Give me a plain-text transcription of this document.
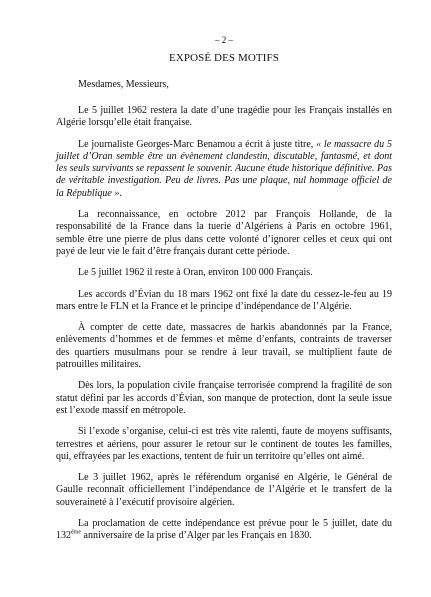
– 2 –
EXPOSÉ DES MOTIFS
Mesdames, Messieurs,

Le 5 juillet 1962 restera la date d’une tragédie pour les Français installés en Algérie lorsqu’elle était française.

Le journaliste Georges-Marc Benamou a écrit à juste titre, « le massacre du 5 juillet d’Oran semble être un évènement clandestin, discutable, fantasmé, et dont les seuls survivants se repassent le souvenir. Aucune étude historique définitive. Pas de véritable investigation. Peu de livres. Pas une plaque, nul hommage officiel de la République ».

La reconnaissance, en octobre 2012 par François Hollande, de la responsabilité de la France dans la tuerie d’Algériens à Paris en octobre 1961, semble être une pierre de plus dans cette volonté d’ignorer celles et ceux qui ont payé de leur vie le fait d’être français durant cette période.

Le 5 juillet 1962 il reste à Oran, environ 100 000 Français.

Les accords d’Évian du 18 mars 1962 ont fixé la date du cessez-le-feu au 19 mars entre le FLN et la France et le principe d’indépendance de l’Algérie.

À compter de cette date, massacres de harkis abandonnés par la France, enlèvements d’hommes et de femmes et même d’enfants, contraints de traverser des quartiers musulmans pour se rendre à leur travail, se multiplient faute de patrouilles militaires.

Dès lors, la population civile française terrorisée comprend la fragilité de son statut défini par les accords d’Évian, son manque de protection, dont la seule issue est l’exode massif en métropole.

Si l’exode s’organise, celui-ci est très vite ralenti, faute de moyens suffisants, terrestres et aériens, pour assurer le retour sur le continent de toutes les familles, qui, effrayées par les exactions, tentent de fuir un territoire qu’elles ont aimé.

Le 3 juillet 1962, après le référendum organisé en Algérie, le Général de Gaulle reconnaît officiellement l’indépendance de l’Algérie et le transfert de la souveraineté à l’exécutif provisoire algérien.

La proclamation de cette indépendance est prévue pour le 5 juillet, date du 132ème anniversaire de la prise d’Alger par les Français en 1830.
